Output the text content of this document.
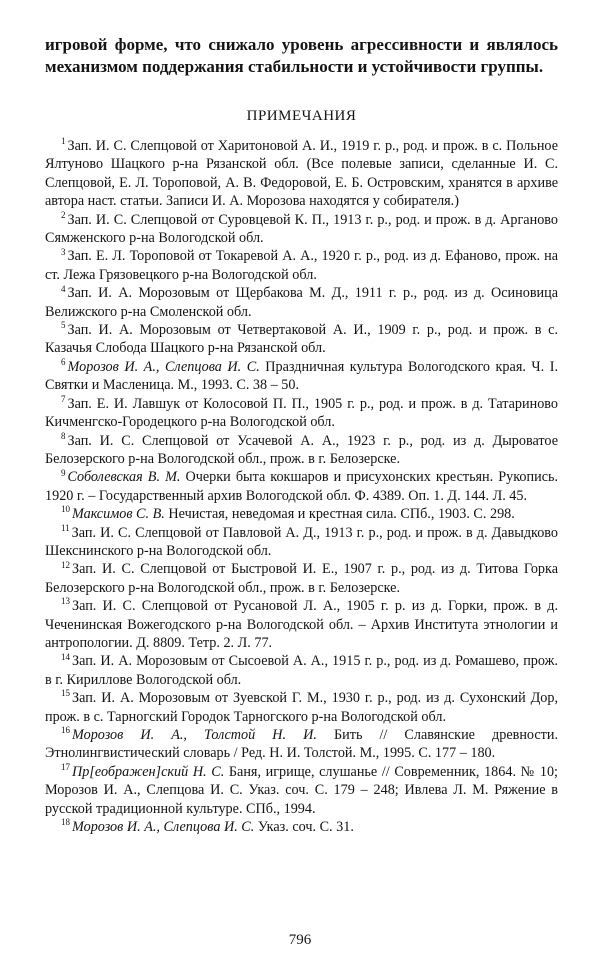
игровой форме, что снижало уровень агрессивности и являлось механизмом поддержания стабильности и устойчивости группы.

ПРИМЕЧАНИЯ

$^1$ Зап. И. С. Слепцовой от Харитоновой А. И., 1919 г. р., род. и прож. в с. Польное Ялтуново Шацкого р-на Рязанской обл. (Все полевые записи, сделанные И. С. Слепцовой, Е. Л. Тороповой, А. В. Федоровой, Е. Б. Островским, хранятся в архиве автора наст. статьи. Записи И. А. Морозова находятся у собирателя.)

$^2$ Зап. И. С. Слепцовой от Суровцевой К. П., 1913 г. р., род. и прож. в д. Арганово Сямженского р-на Вологодской обл.

$^3$ Зап. Е. Л. Тороповой от Токаревой А. А., 1920 г. р., род. из д. Ефаново, прож. на ст. Лежа Грязовецкого р-на Вологодской обл.

$^4$ Зап. И. А. Морозовым от Щербакова М. Д., 1911 г. р., род. из д. Осиновица Велижского р-на Смоленской обл.

$^5$ Зап. И. А. Морозовым от Четвертаковой А. И., 1909 г. р., род. и прож. в с. Казачья Слобода Шацкого р-на Рязанской обл.

$^6$ Морозов И. А., Слепцова И. С. Праздничная культура Вологодского края. Ч. I. Святки и Масленица. М., 1993. С. 38 – 50.

$^7$ Зап. Е. И. Лавшук от Колосовой П. П., 1905 г. р., род. и прож. в д. Татариново Кичменгско-Городецкого р-на Вологодской обл.

$^8$ Зап. И. С. Слепцовой от Усачевой А. А., 1923 г. р., род. из д. Дыроватое Белозерского р-на Вологодской обл., прож. в г. Белозерске.

$^9$ Соболевская В. М. Очерки быта кокшаров и присухонских крестьян. Рукопись. 1920 г. – Государственный архив Вологодской обл. Ф. 4389. Оп. 1. Д. 144. Л. 45.

$^{10}$ Максимов С. В. Нечистая, неведомая и крестная сила. СПб., 1903. С. 298.

$^{11}$ Зап. И. С. Слепцовой от Павловой А. Д., 1913 г. р., род. и прож. в д. Давыдково Шекснинского р-на Вологодской обл.

$^{12}$ Зап. И. С. Слепцовой от Быстровой И. Е., 1907 г. р., род. из д. Титова Горка Белозерского р-на Вологодской обл., прож. в г. Белозерске.

$^{13}$ Зап. И. С. Слепцовой от Русановой Л. А., 1905 г. р. из д. Горки, прож. в д. Чеченинская Вожегодского р-на Вологодской обл. – Архив Института этнологии и антропологии. Д. 8809. Тетр. 2. Л. 77.

$^{14}$ Зап. И. А. Морозовым от Сысоевой А. А., 1915 г. р., род. из д. Ромашево, прож. в г. Кириллове Вологодской обл.

$^{15}$ Зап. И. А. Морозовым от Зуевской Г. М., 1930 г. р., род. из д. Сухонский Дор, прож. в с. Тарногский Городок Тарногского р-на Вологодской обл.

$^{16}$ Морозов И. А., Толстой Н. И. Бить // Славянские древности. Этнолингвистический словарь / Ред. Н. И. Толстой. М., 1995. С. 177 – 180.

$^{17}$ Пр[еображен]ский Н. С. Баня, игрище, слушанье // Современник, 1864. № 10; Морозов И. А., Слепцова И. С. Указ. соч. С. 179 – 248; Ивлева Л. М. Ряжение в русской традиционной культуре. СПб., 1994.

$^{18}$ Морозов И. А., Слепцова И. С. Указ. соч. С. 31.

796
